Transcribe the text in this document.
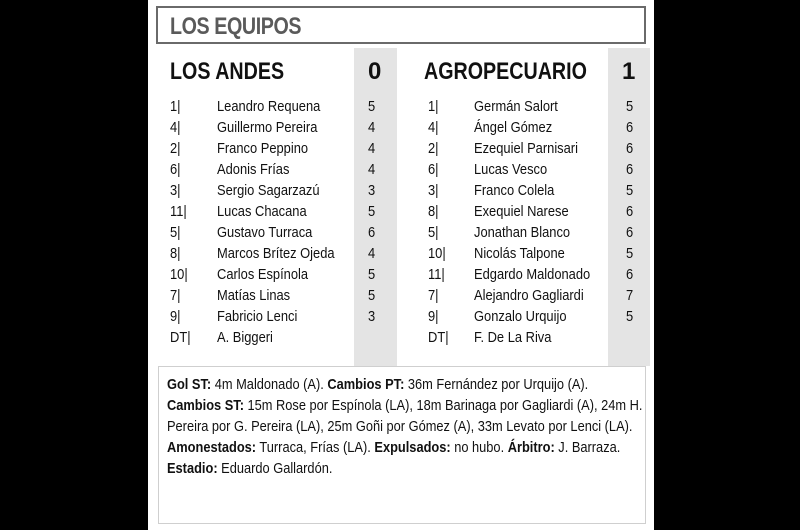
LOS EQUIPOS
LOS ANDES	0
1| Leandro Requena	5
4| Guillermo Pereira	4
2| Franco Peppino	4
6| Adonis Frías	4
3| Sergio Sagarzazú	3
11| Lucas Chacana	5
5| Gustavo Turraca	6
8| Marcos Brítez Ojeda 4
10| Carlos Espínola	5
7| Matías Linas	5
9| Fabricio Lenci	3
DT| A. Biggeri
AGROPECUARIO 1
1| Germán Salort	5
4| Ángel Gómez	6
2| Ezequiel Parnisari	6
6| Lucas Vesco	6
3| Franco Colela	5
8| Exequiel Narese	6
5| Jonathan Blanco	6
10| Nicolás Talpone	5
11| Edgardo Maldonado 6
7| Alejandro Gagliardi	7
9| Gonzalo Urquijo	5
DT| F. De La Riva
Gol ST: 4m Maldonado (A). Cambios PT: 36m Fernández por Urquijo (A). Cambios ST: 15m Rose por Espínola (LA), 18m Barinaga por Gagliardi (A), 24m H. Pereira por G. Pereira (LA), 25m Goñi por Gómez (A), 33m Levato por Lenci (LA). Amonestados: Turraca, Frías (LA). Expulsados: no hubo. Árbitro: J. Barraza. Estadio: Eduardo Gallardón.
